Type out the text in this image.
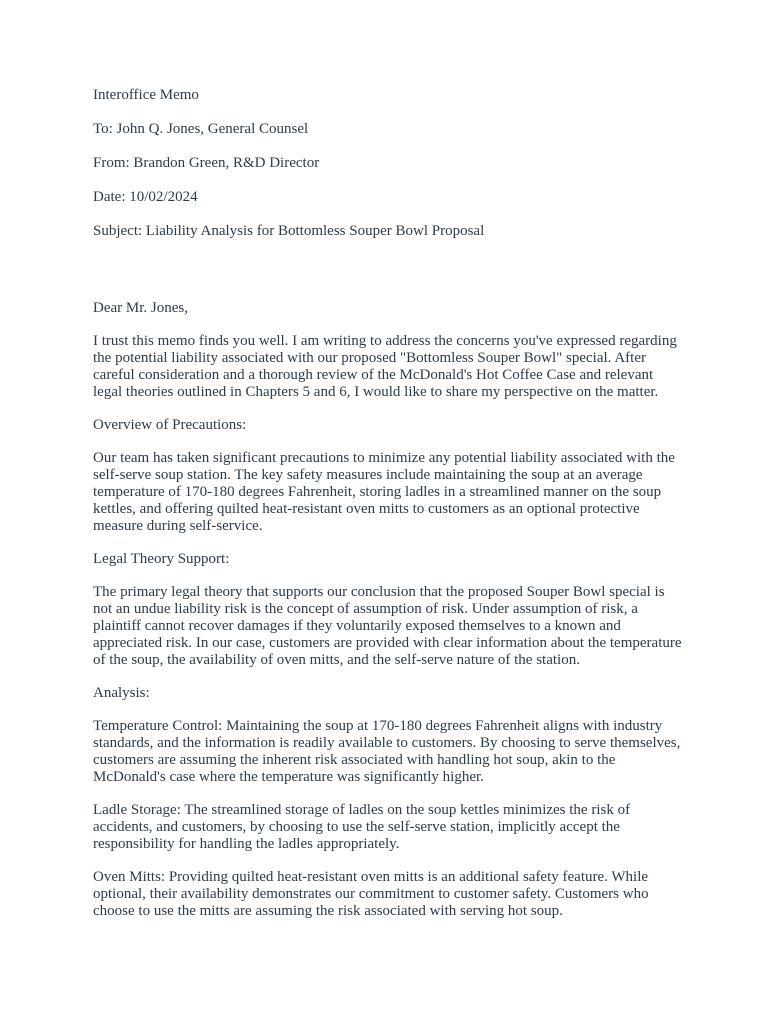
Interoffice Memo
To: John Q. Jones, General Counsel
From: Brandon Green, R&D Director
Date: 10/02/2024
Subject: Liability Analysis for Bottomless Souper Bowl Proposal

Dear Mr. Jones,

I trust this memo finds you well. I am writing to address the concerns you've expressed regarding the potential liability associated with our proposed "Bottomless Souper Bowl" special. After careful consideration and a thorough review of the McDonald's Hot Coffee Case and relevant legal theories outlined in Chapters 5 and 6, I would like to share my perspective on the matter.

Overview of Precautions:

Our team has taken significant precautions to minimize any potential liability associated with the self-serve soup station. The key safety measures include maintaining the soup at an average temperature of 170-180 degrees Fahrenheit, storing ladles in a streamlined manner on the soup kettles, and offering quilted heat-resistant oven mitts to customers as an optional protective measure during self-service.

Legal Theory Support:

The primary legal theory that supports our conclusion that the proposed Souper Bowl special is not an undue liability risk is the concept of assumption of risk. Under assumption of risk, a plaintiff cannot recover damages if they voluntarily exposed themselves to a known and appreciated risk. In our case, customers are provided with clear information about the temperature of the soup, the availability of oven mitts, and the self-serve nature of the station.

Analysis:

Temperature Control: Maintaining the soup at 170-180 degrees Fahrenheit aligns with industry standards, and the information is readily available to customers. By choosing to serve themselves, customers are assuming the inherent risk associated with handling hot soup, akin to the McDonald's case where the temperature was significantly higher.

Ladle Storage: The streamlined storage of ladles on the soup kettles minimizes the risk of accidents, and customers, by choosing to use the self-serve station, implicitly accept the responsibility for handling the ladles appropriately.

Oven Mitts: Providing quilted heat-resistant oven mitts is an additional safety feature. While optional, their availability demonstrates our commitment to customer safety. Customers who choose to use the mitts are assuming the risk associated with serving hot soup.
